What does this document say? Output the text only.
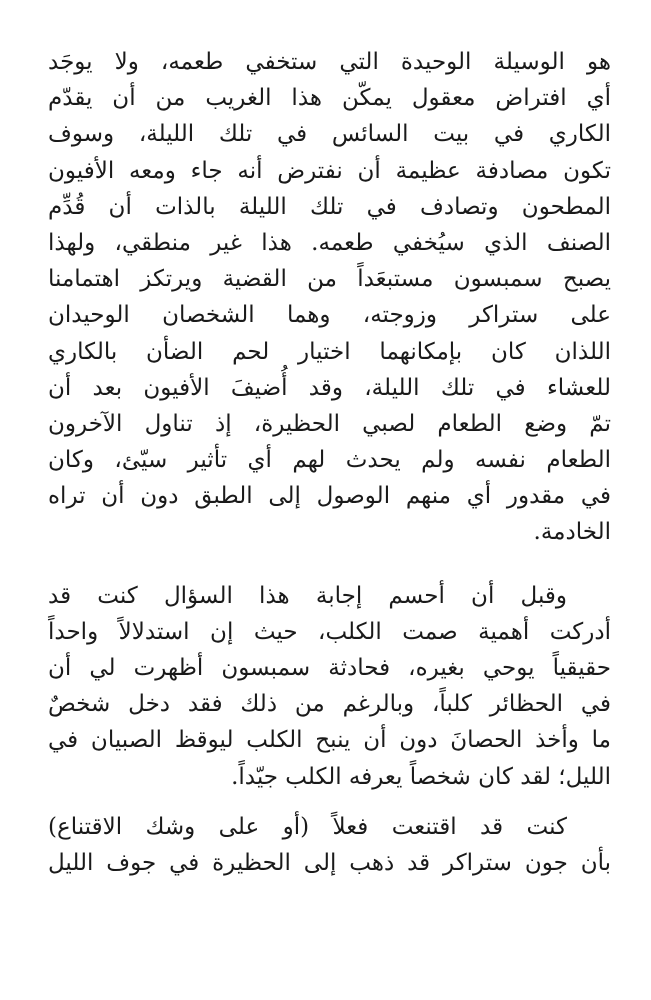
هو الوسيلة الوحيدة التي ستخفي طعمه، ولا يوجَد
أي افتراض معقول يمكّن هذا الغريب من أن يقدّم
الكاري في بيت السائس في تلك الليلة، وسوف
تكون مصادفة عظيمة أن نفترض أنه جاء ومعه الأفيون
المطحون وتصادف في تلك الليلة بالذات أن قُدِّم
الصنف الذي سيُخفي طعمه. هذا غير منطقي، ولهذا
يصبح سمبسون مستبعَداً من القضية ويرتكز اهتمامنا
على ستراكر وزوجته، وهما الشخصان الوحيدان
اللذان كان بإمكانهما اختيار لحم الضأن بالكاري
للعشاء في تلك الليلة، وقد أُضيفَ الأفيون بعد أن
تمّ وضع الطعام لصبي الحظيرة، إذ تناول الآخرون
الطعام نفسه ولم يحدث لهم أي تأثير سيّئ، وكان
في مقدور أي منهم الوصول إلى الطبق دون أن تراه
الخادمة.
وقبل أن أحسم إجابة هذا السؤال كنت قد
أدركت أهمية صمت الكلب، حيث إن استدلالاً واحداً
حقيقياً يوحي بغيره، فحادثة سمبسون أظهرت لي أن
في الحظائر كلباً، وبالرغم من ذلك فقد دخل شخصٌ
ما وأخذ الحصانَ دون أن ينبح الكلب ليوقظ الصبيان في
الليل؛ لقد كان شخصاً يعرفه الكلب جيّداً.
كنت قد اقتنعت فعلاً (أو على وشك الاقتناع)
بأن جون ستراكر قد ذهب إلى الحظيرة في جوف الليل
